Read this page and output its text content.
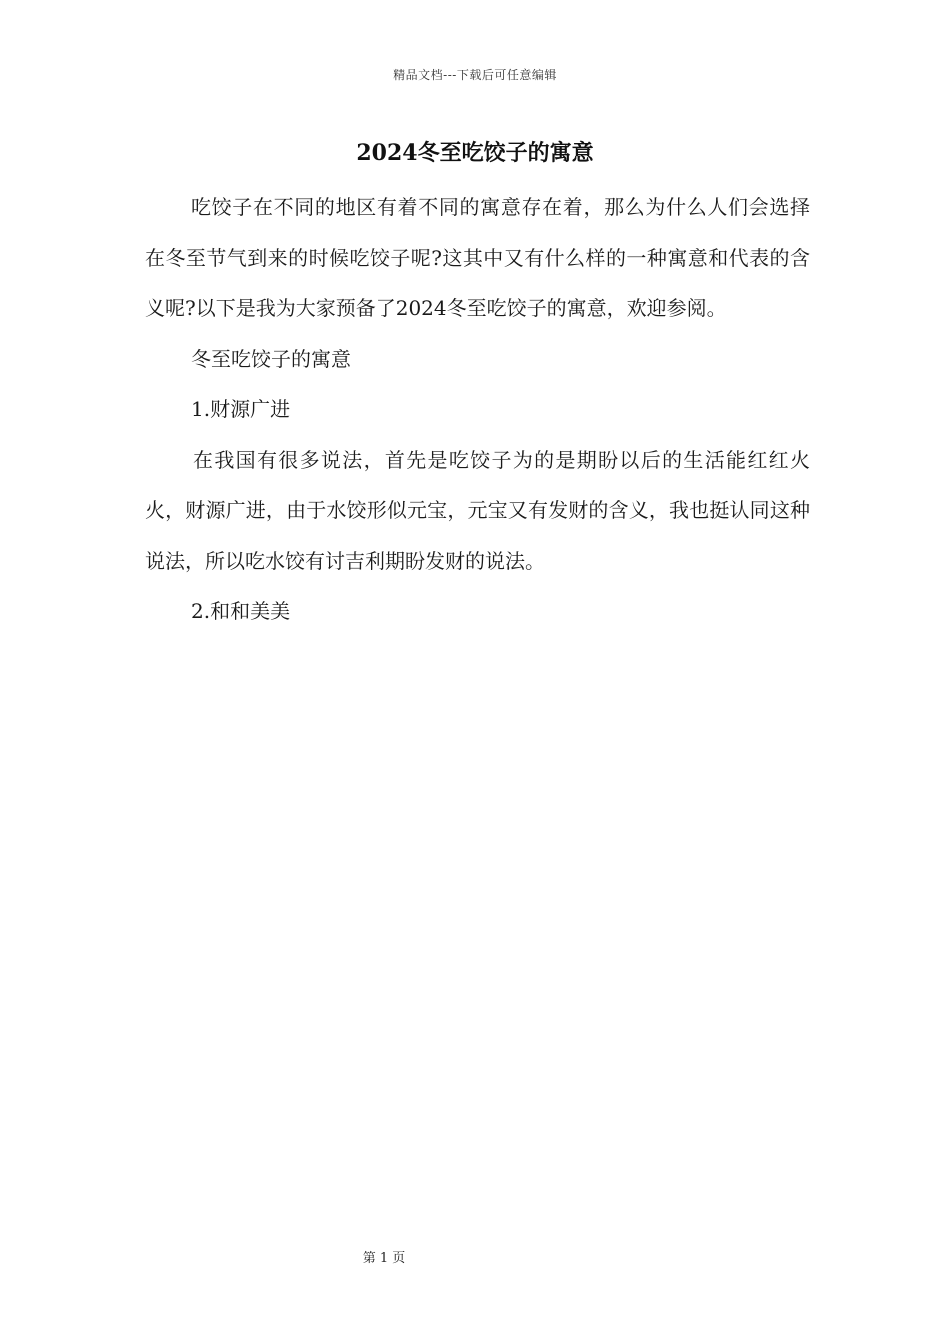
精品文档---下载后可任意编辑
2024冬至吃饺子的寓意

吃饺子在不同的地区有着不同的寓意存在着，那么为什么人们会选择在冬至节气到来的时候吃饺子呢?这其中又有什么样的一种寓意和代表的含义呢?以下是我为大家预备了2024冬至吃饺子的寓意，欢迎参阅。

冬至吃饺子的寓意

1.财源广进

在我国有很多说法，首先是吃饺子为的是期盼以后的生活能红红火火，财源广进，由于水饺形似元宝，元宝又有发财的含义，我也挺认同这种说法，所以吃水饺有讨吉利期盼发财的说法。

2.和和美美

第 1 页
